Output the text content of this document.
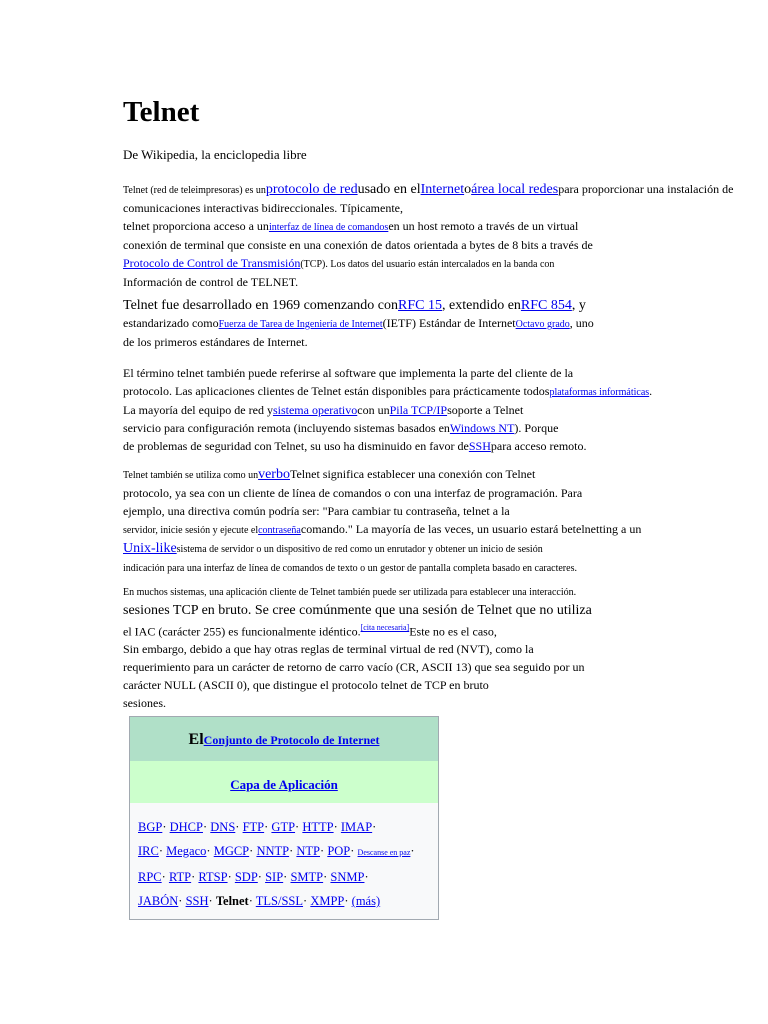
Telnet
De Wikipedia, la enciclopedia libre

Telnet (red de teleimpresoras) es unprotocolo de redusado en elInternetoárea local redespara proporcionar una instalación de comunicaciones interactivas bidireccionales. Típicamente,
telnet proporciona acceso a uninterfaz de línea de comandosen un host remoto a través de un virtual
conexión de terminal que consiste en una conexión de datos orientada a bytes de 8 bits a través de
Protocolo de Control de Transmisión(TCP). Los datos del usuario están intercalados en la banda con
Información de control de TELNET.

Telnet fue desarrollado en 1969 comenzando conRFC 15, extendido enRFC 854, y
estandarizado comoFuerza de Tarea de Ingeniería de Internet(IETF) Estándar de InternetOctavo grado, uno
de los primeros estándares de Internet.

El término telnet también puede referirse al software que implementa la parte del cliente de la
protocolo. Las aplicaciones clientes de Telnet están disponibles para prácticamente todosplataformas informáticas.
La mayoría del equipo de red ysistema operativocon unPila TCP/IPsoporte a Telnet
servicio para configuración remota (incluyendo sistemas basados enWindows NT). Porque
de problemas de seguridad con Telnet, su uso ha disminuido en favor deSSHpara acceso remoto.

Telnet también se utiliza como unverboTelnet significa establecer una conexión con Telnet
protocolo, ya sea con un cliente de línea de comandos o con una interfaz de programación. Para
ejemplo, una directiva común podría ser: "Para cambiar tu contraseña, telnet a la
servidor, inicie sesión y ejecute elcontraseñacomando." La mayoría de las veces, un usuario estará betelnetting a un
Unix-likesistema de servidor o un dispositivo de red como un enrutador y obtener un inicio de sesión
indicación para una interfaz de línea de comandos de texto o un gestor de pantalla completa basado en caracteres.

En muchos sistemas, una aplicación cliente de Telnet también puede ser utilizada para establecer una interacción.
sesiones TCP en bruto. Se cree comúnmente que una sesión de Telnet que no utiliza
el IAC (carácter 255) es funcionalmente idéntico.[cita necesaria]Este no es el caso,
Sin embargo, debido a que hay otras reglas de terminal virtual de red (NVT), como la
requerimiento para un carácter de retorno de carro vacío (CR, ASCII 13) que sea seguido por un
carácter NULL (ASCII 0), que distingue el protocolo telnet de TCP en bruto
sesiones.

ElConjunto de Protocolo de Internet
Capa de Aplicación
BGP· DHCP· DNS· FTP· GTP· HTTP· IMAP·
IRC· Megaco· MGCP· NNTP· NTP· POP· Descanse en paz·
RPC· RTP· RTSP· SDP· SIP· SMTP· SNMP·
JABÓN· SSH· Telnet· TLS/SSL· XMPP· (más)
